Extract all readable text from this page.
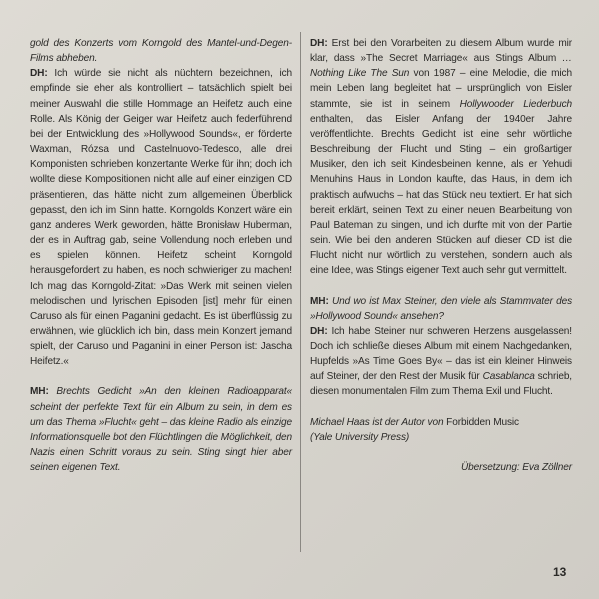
gold des Konzerts vom Korngold des Mantel-und-Degen-Films abheben.

DH: Ich würde sie nicht als nüchtern bezeichnen, ich empfinde sie eher als kontrolliert – tatsächlich spielt bei meiner Auswahl die stille Hommage an Heifetz auch eine Rolle. Als König der Geiger war Heifetz auch federführend bei der Entwicklung des »Hollywood Sounds«, er förderte Waxman, Rózsa und Castelnuovo-Tedesco, alle drei Komponisten schrieben konzertante Werke für ihn; doch ich wollte diese Kompositionen nicht alle auf einer einzigen CD präsentieren, das hätte nicht zum allgemeinen Überblick gepasst, den ich im Sinn hatte. Korngolds Konzert wäre ein ganz anderes Werk geworden, hätte Bronisław Huberman, der es in Auftrag gab, seine Vollendung noch erleben und es spielen können. Heifetz scheint Korngold herausgefordert zu haben, es noch schwieriger zu machen! Ich mag das Korngold-Zitat: »Das Werk mit seinen vielen melodischen und lyrischen Episoden [ist] mehr für einen Caruso als für einen Paganini gedacht. Es ist überflüssig zu erwähnen, wie glücklich ich bin, dass mein Konzert jemand spielt, der Caruso und Paganini in einer Person ist: Jascha Heifetz.«

MH: Brechts Gedicht »An den kleinen Radioapparat« scheint der perfekte Text für ein Album zu sein, in dem es um das Thema »Flucht« geht – das kleine Radio als einzige Informationsquelle bot den Flüchtlingen die Möglichkeit, den Nazis einen Schritt voraus zu sein. Sting singt hier aber seinen eigenen Text.

DH: Erst bei den Vorarbeiten zu diesem Album wurde mir klar, dass »The Secret Marriage« aus Stings Album …Nothing Like The Sun von 1987 – eine Melodie, die mich mein Leben lang begleitet hat – ursprünglich von Eisler stammte, sie ist in seinem Hollywooder Liederbuch enthalten, das Eisler Anfang der 1940er Jahre veröffentlichte. Brechts Gedicht ist eine sehr wörtliche Beschreibung der Flucht und Sting – ein großartiger Musiker, den ich seit Kindesbeinen kenne, als er Yehudi Menuhins Haus in London kaufte, das Haus, in dem ich praktisch aufwuchs – hat das Stück neu textiert. Er hat sich bereit erklärt, seinen Text zu einer neuen Bearbeitung von Paul Bateman zu singen, und ich durfte mit von der Partie sein. Wie bei den anderen Stücken auf dieser CD ist die Flucht nicht nur wörtlich zu verstehen, sondern auch als eine Idee, was Stings eigener Text auch sehr gut vermittelt.

MH: Und wo ist Max Steiner, den viele als Stammvater des »Hollywood Sound« ansehen?

DH: Ich habe Steiner nur schweren Herzens ausgelassen! Doch ich schließe dieses Album mit einem Nachgedanken, Hupfelds »As Time Goes By« – das ist ein kleiner Hinweis auf Steiner, der den Rest der Musik für Casablanca schrieb, diesen monumentalen Film zum Thema Exil und Flucht.

Michael Haas ist der Autor von Forbidden Music
(Yale University Press)

Übersetzung: Eva Zöllner

13
